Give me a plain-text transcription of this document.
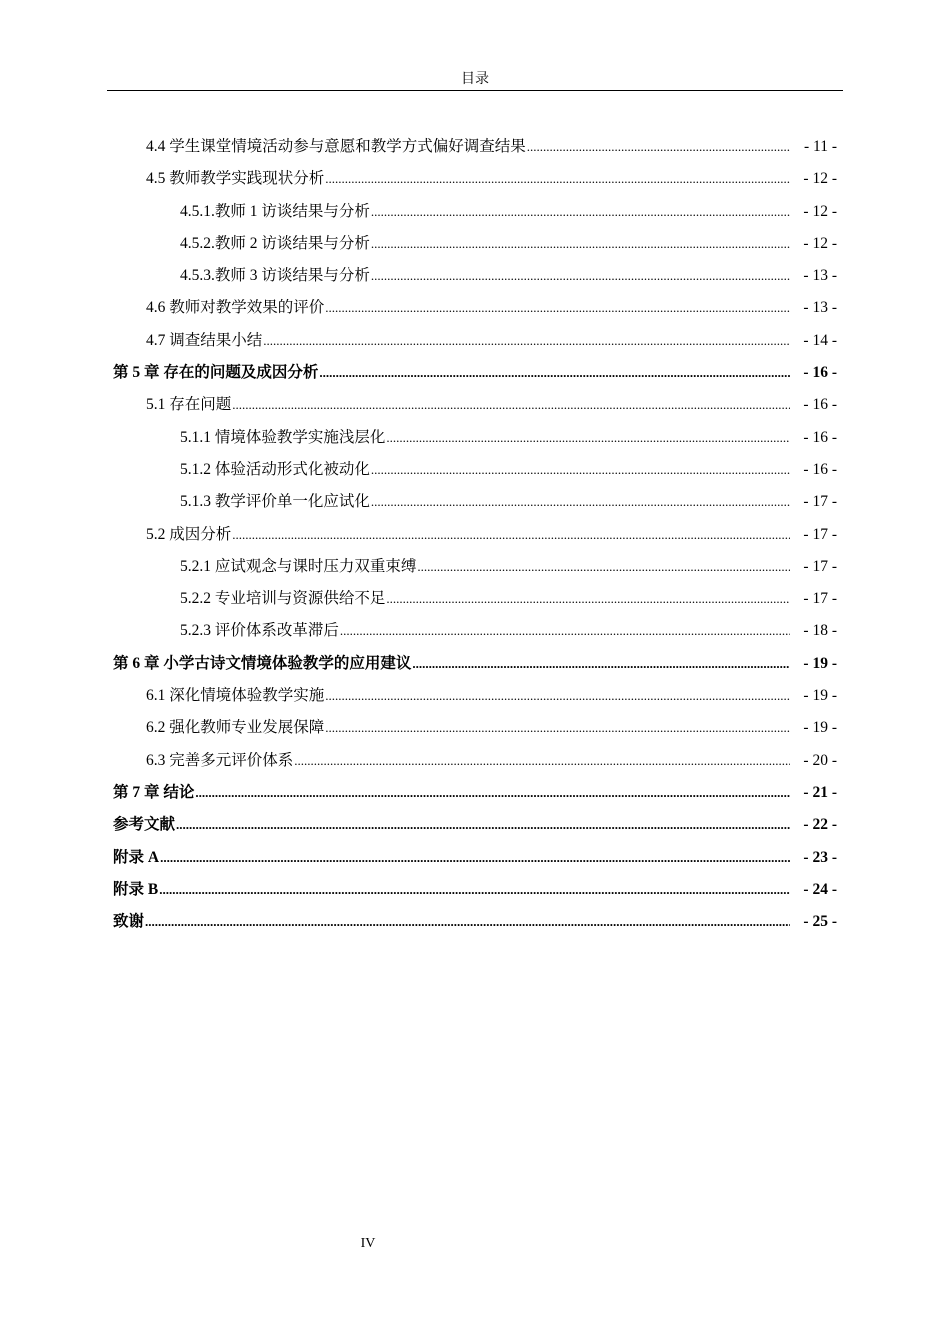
目录
4.4 学生课堂情境活动参与意愿和教学方式偏好调查结果 .....	- 11 -
4.5 教师教学实践现状分析 .....	- 12 -
4.5.1.教师 1 访谈结果与分析 .....	- 12 -
4.5.2.教师 2 访谈结果与分析 .....	- 12 -
4.5.3.教师 3 访谈结果与分析 .....	- 13 -
4.6 教师对教学效果的评价 .....	- 13 -
4.7 调查结果小结 .....	- 14 -
第 5 章 存在的问题及成因分析 .....	- 16 -
5.1 存在问题 .....	- 16 -
5.1.1 情境体验教学实施浅层化 .....	- 16 -
5.1.2 体验活动形式化被动化 .....	- 16 -
5.1.3 教学评价单一化应试化 .....	- 17 -
5.2 成因分析 .....	- 17 -
5.2.1 应试观念与课时压力双重束缚 .....	- 17 -
5.2.2 专业培训与资源供给不足 .....	- 17 -
5.2.3 评价体系改革滞后 .....	- 18 -
第 6 章 小学古诗文情境体验教学的应用建议 .....	- 19 -
6.1 深化情境体验教学实施 .....	- 19 -
6.2 强化教师专业发展保障 .....	- 19 -
6.3 完善多元评价体系 .....	- 20 -
第 7 章 结论 .....	- 21 -
参考文献 .....	- 22 -
附录 A .....	- 23 -
附录 B .....	- 24 -
致谢 .....	- 25 -
IV
